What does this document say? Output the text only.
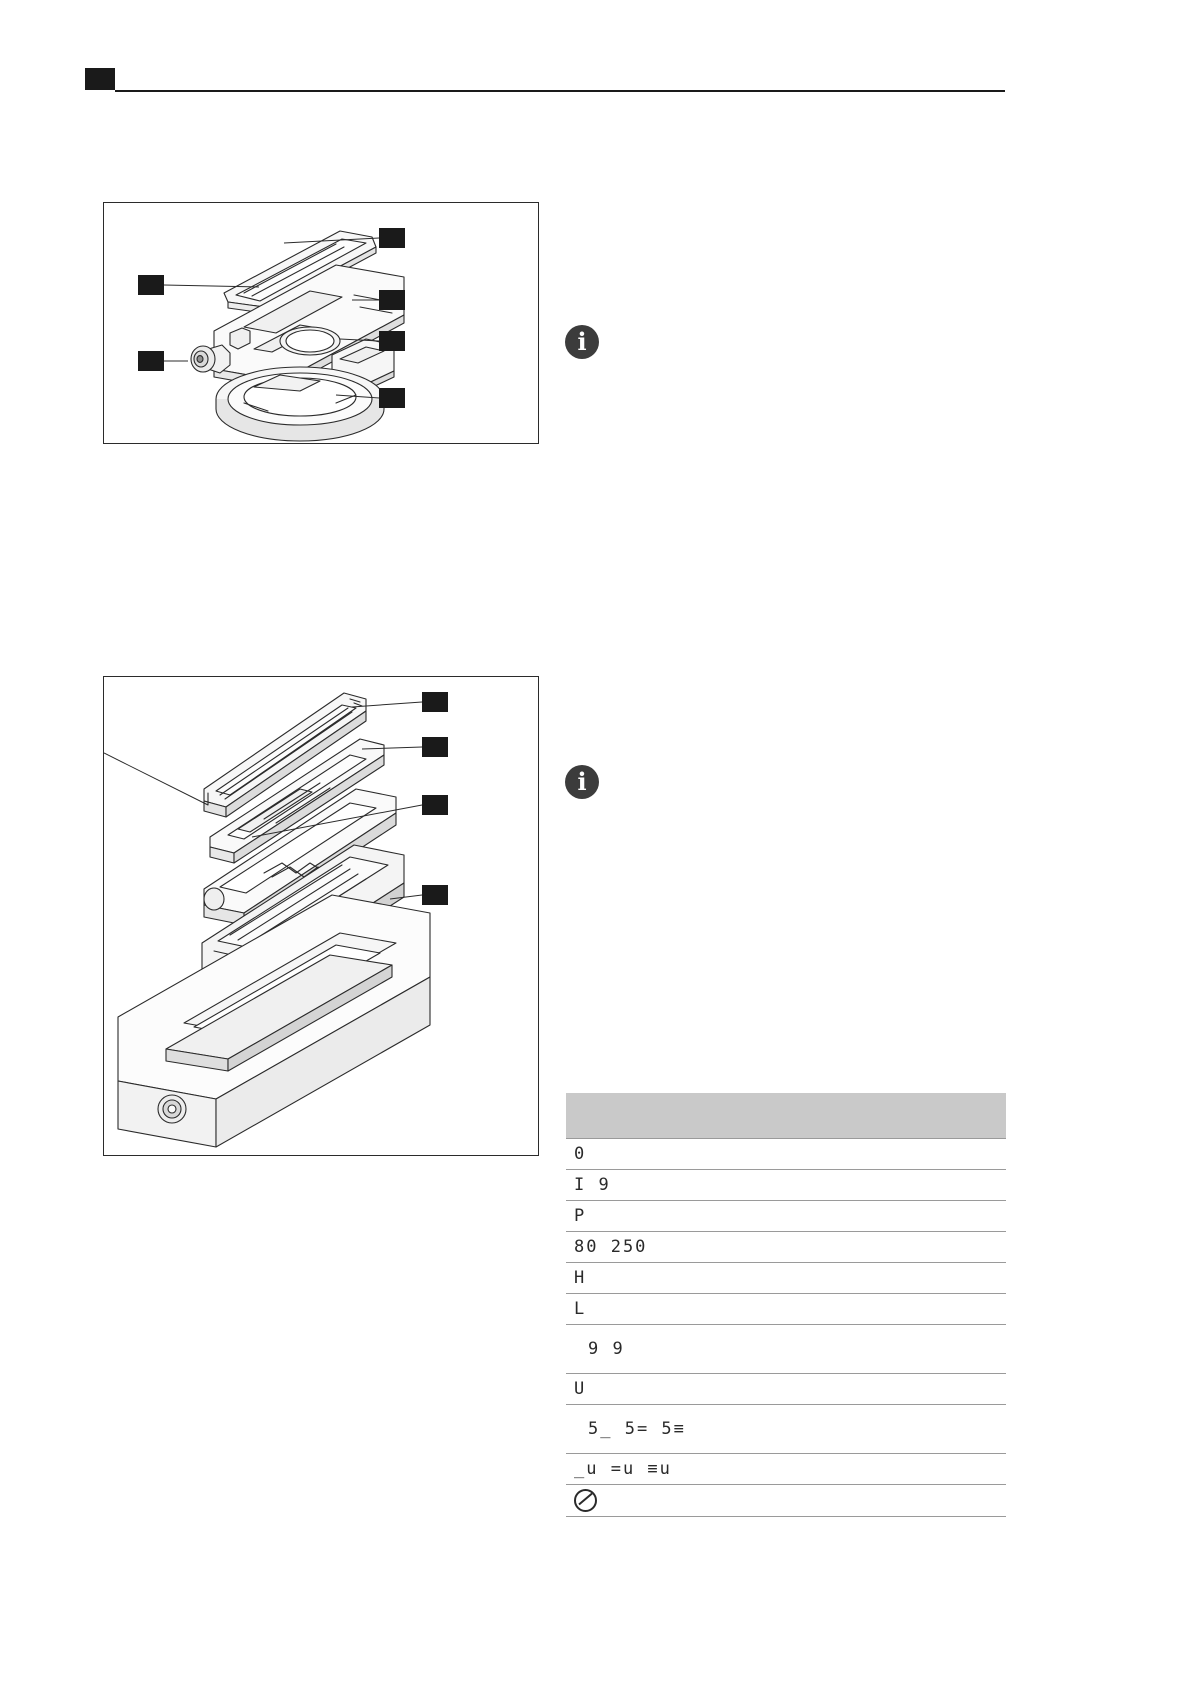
i
i

0
I 9
P
80 250
H
L
9 9
U
5_ 5= 5≡
_u =u ≡u
